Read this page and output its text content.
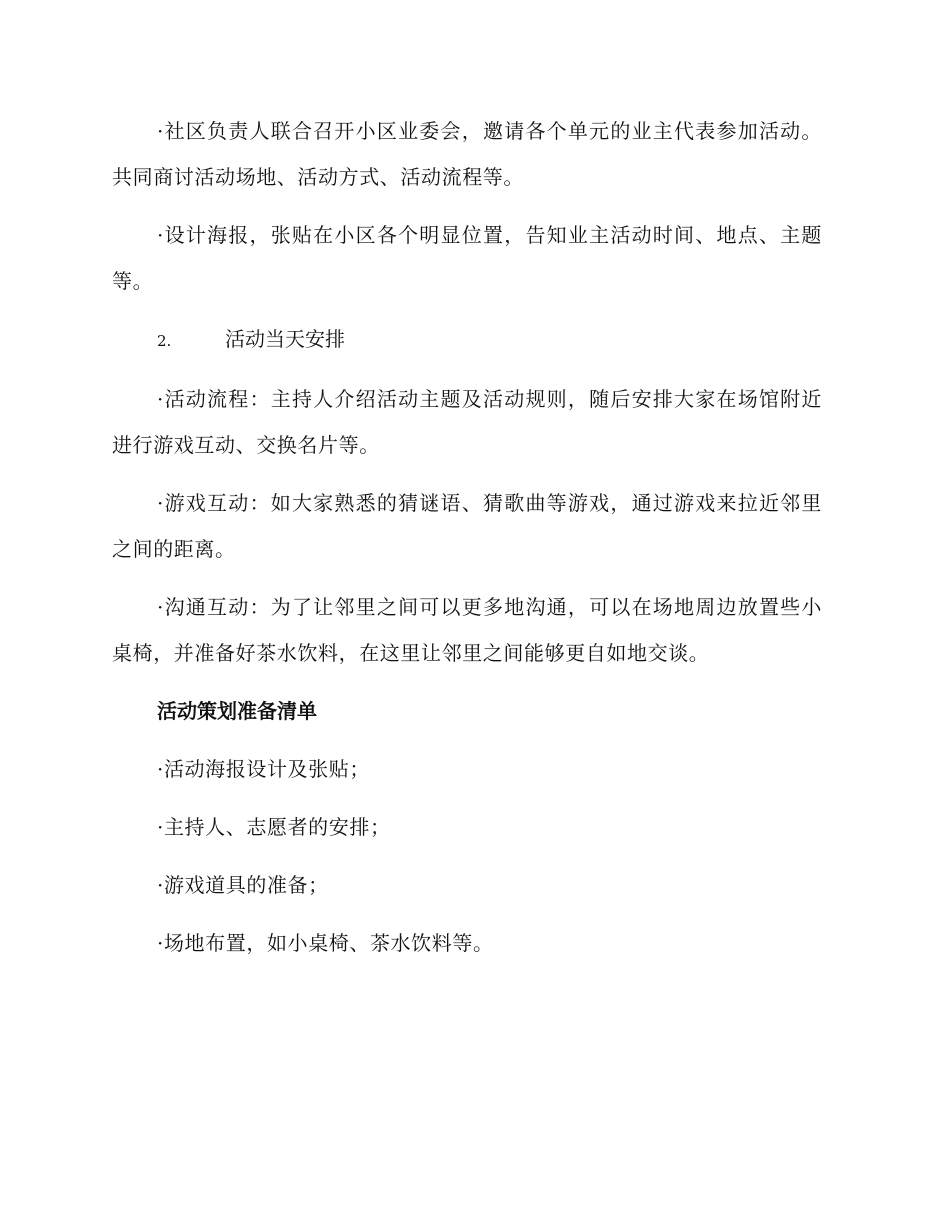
·社区负责人联合召开小区业委会，邀请各个单元的业主代表参加活动。共同商讨活动场地、活动方式、活动流程等。

·设计海报，张贴在小区各个明显位置，告知业主活动时间、地点、主题等。

2.	活动当天安排

·活动流程：主持人介绍活动主题及活动规则，随后安排大家在场馆附近进行游戏互动、交换名片等。

·游戏互动：如大家熟悉的猜谜语、猜歌曲等游戏，通过游戏来拉近邻里之间的距离。

·沟通互动：为了让邻里之间可以更多地沟通，可以在场地周边放置些小桌椅，并准备好茶水饮料，在这里让邻里之间能够更自如地交谈。

活动策划准备清单
·活动海报设计及张贴；
·主持人、志愿者的安排；
·游戏道具的准备；
·场地布置，如小桌椅、茶水饮料等。
